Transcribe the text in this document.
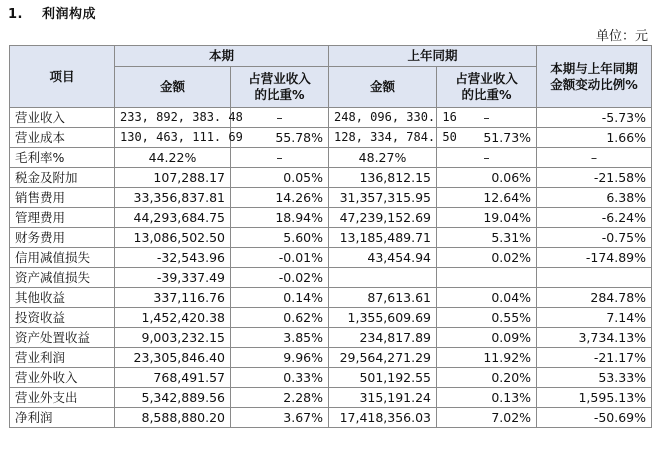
1. 利润构成
单位：元
项目	本期		上年同期		本期与上年同期
金额变动比例%

	金额	占营业收入
的比重%	金额	占营业收入
的比重%	

营业收入	233, 892, 383. 48	–	248, 096, 330. 16	–	-5.73%
营业成本	130, 463, 111. 69	55.78%	128, 334, 784. 50	51.73%	1.66%
毛利率%	44.22%	–	48.27%	–	–
税金及附加	107,288.17	0.05%	136,812.15	0.06%	-21.58%
销售费用	33,356,837.81	14.26%	31,357,315.95	12.64%	6.38%
管理费用	44,293,684.75	18.94%	47,239,152.69	19.04%	-6.24%
财务费用	13,086,502.50	5.60%	13,185,489.71	5.31%	-0.75%
信用减值损失	-32,543.96	-0.01%	43,454.94	0.02%	-174.89%
资产减值损失	-39,337.49	-0.02%			
其他收益	337,116.76	0.14%	87,613.61	0.04%	284.78%
投资收益	1,452,420.38	0.62%	1,355,609.69	0.55%	7.14%
资产处置收益	9,003,232.15	3.85%	234,817.89	0.09%	3,734.13%
营业利润	23,305,846.40	9.96%	29,564,271.29	11.92%	-21.17%
营业外收入	768,491.57	0.33%	501,192.55	0.20%	53.33%
营业外支出	5,342,889.56	2.28%	315,191.24	0.13%	1,595.13%
净利润	8,588,880.20	3.67%	17,418,356.03	7.02%	-50.69%
